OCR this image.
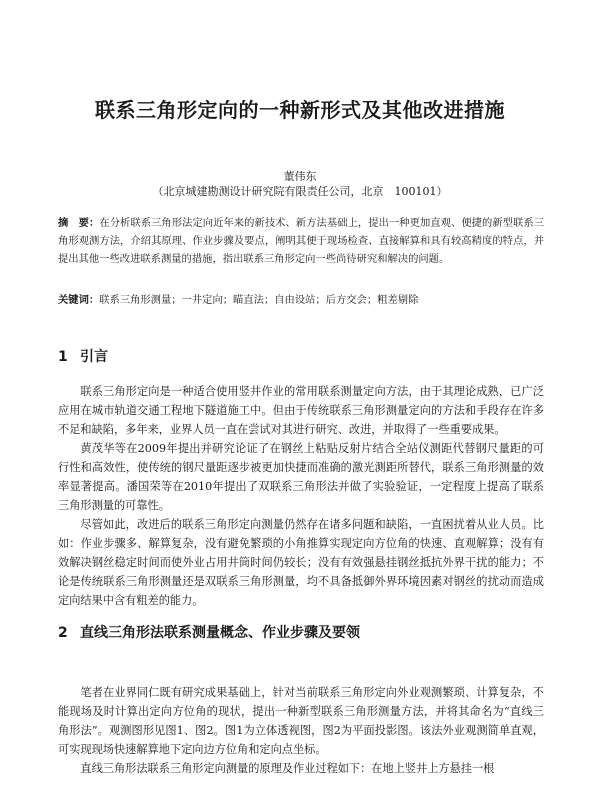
联系三角形定向的一种新形式及其他改进措施
董伟东
（北京城建勘测设计研究院有限责任公司，北京　100101）
摘　要：在分析联系三角形法定向近年来的新技术、新方法基础上，提出一种更加直观、便捷的新型联系三角形观测方法，介绍其原理、作业步骤及要点，阐明其便于现场检查、直接解算和具有较高精度的特点，并提出其他一些改进联系测量的措施，指出联系三角形定向一些尚待研究和解决的问题。
关键词：联系三角形测量；一井定向；瞄直法；自由设站；后方交会；粗差剔除
1 引言

联系三角形定向是一种适合使用竖井作业的常用联系测量定向方法，由于其理论成熟，已广泛应用在城市轨道交通工程地下隧道施工中。但由于传统联系三角形测量定向的方法和手段存在许多不足和缺陷，多年来，业界人员一直在尝试对其进行研究、改进，并取得了一些重要成果。

黄茂华等在2009年提出并研究论证了在钢丝上粘贴反射片结合全站仪测距代替钢尺量距的可行性和高效性，使传统的钢尺量距逐步被更加快捷而准确的激光测距所替代，联系三角形测量的效率显著提高。潘国荣等在2010年提出了双联系三角形法并做了实验验证，一定程度上提高了联系三角形测量的可靠性。

尽管如此，改进后的联系三角形定向测量仍然存在诸多问题和缺陷，一直困扰着从业人员。比如：作业步骤多、解算复杂，没有避免繁琐的小角推算实现定向方位角的快速、直观解算；没有有效解决钢丝稳定时间而使外业占用井筒时间仍较长；没有有效强悬挂钢丝抵抗外界干扰的能力；不论是传统联系三角形测量还是双联系三角形测量，均不具备抵御外界环境因素对钢丝的扰动而造成定向结果中含有粗差的能力。

2 直线三角形法联系测量概念、作业步骤及要领

笔者在业界同仁既有研究成果基础上，针对当前联系三角形定向外业观测繁琐、计算复杂，不能现场及时计算出定向方位角的现状，提出一种新型联系三角形测量方法，并将其命名为“直线三角形法”。观测图形见图1、图2。图1为立体透视图，图2为平面投影图。该法外业观测简单直观，可实现现场快速解算地下定向边方位角和定向点坐标。

直线三角形法联系三角形定向测量的原理及作业过程如下：在地上竖井上方悬挂一根
